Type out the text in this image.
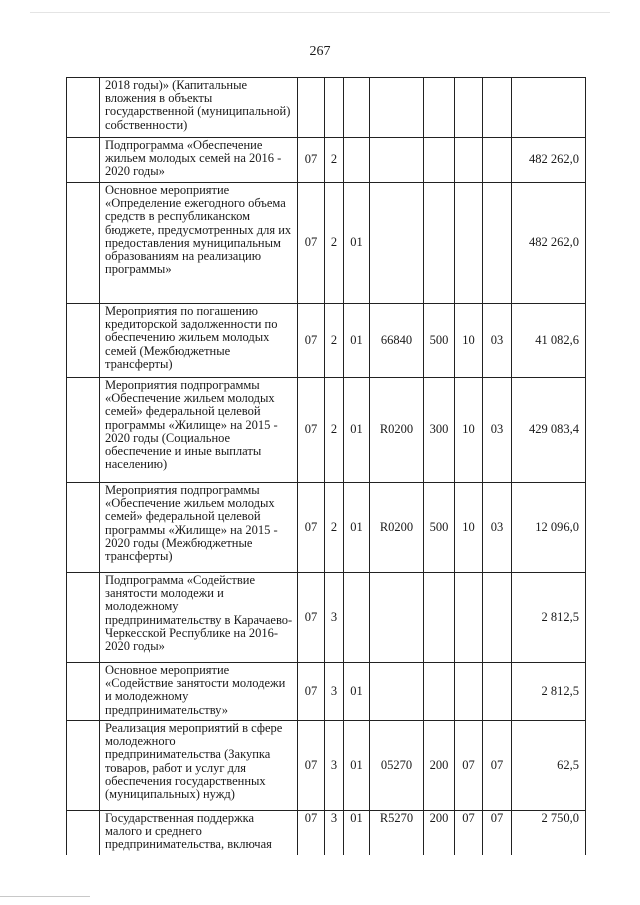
267
	2018 годы)» (Капитальные вложения в объекты государственной (муниципальной) собственности)								
	Подпрограмма «Обеспечение жильем молодых семей на 2016 - 2020 годы»	07	2						482 262,0
	Основное мероприятие «Определение ежегодного объема средств в республиканском бюджете, предусмотренных для их предоставления муниципальным образованиям на реализацию программы»	07	2	01					482 262,0
	Мероприятия по погашению кредиторской задолженности по обеспечению жильем молодых семей (Межбюджетные трансферты)	07	2	01	66840	500	10	03	41 082,6
	Мероприятия подпрограммы «Обеспечение жильем молодых семей» федеральной целевой программы «Жилище» на 2015 - 2020 годы (Социальное обеспечение и иные выплаты населению)	07	2	01	R0200	300	10	03	429 083,4
	Мероприятия подпрограммы «Обеспечение жильем молодых семей» федеральной целевой программы «Жилище» на 2015 - 2020 годы (Межбюджетные трансферты)	07	2	01	R0200	500	10	03	12 096,0
	Подпрограмма «Содействие занятости молодежи и молодежному предпринимательству в Карачаево-Черкесской Республике на 2016-2020 годы»	07	3						2 812,5
	Основное мероприятие «Содействие занятости молодежи и молодежному предпринимательству»	07	3	01					2 812,5
	Реализация мероприятий в сфере молодежного предпринимательства (Закупка товаров, работ и услуг для обеспечения государственных (муниципальных) нужд)	07	3	01	05270	200	07	07	62,5
	Государственная поддержка малого и среднего предпринимательства, включая	07	3	01	R5270	200	07	07	2 750,0
